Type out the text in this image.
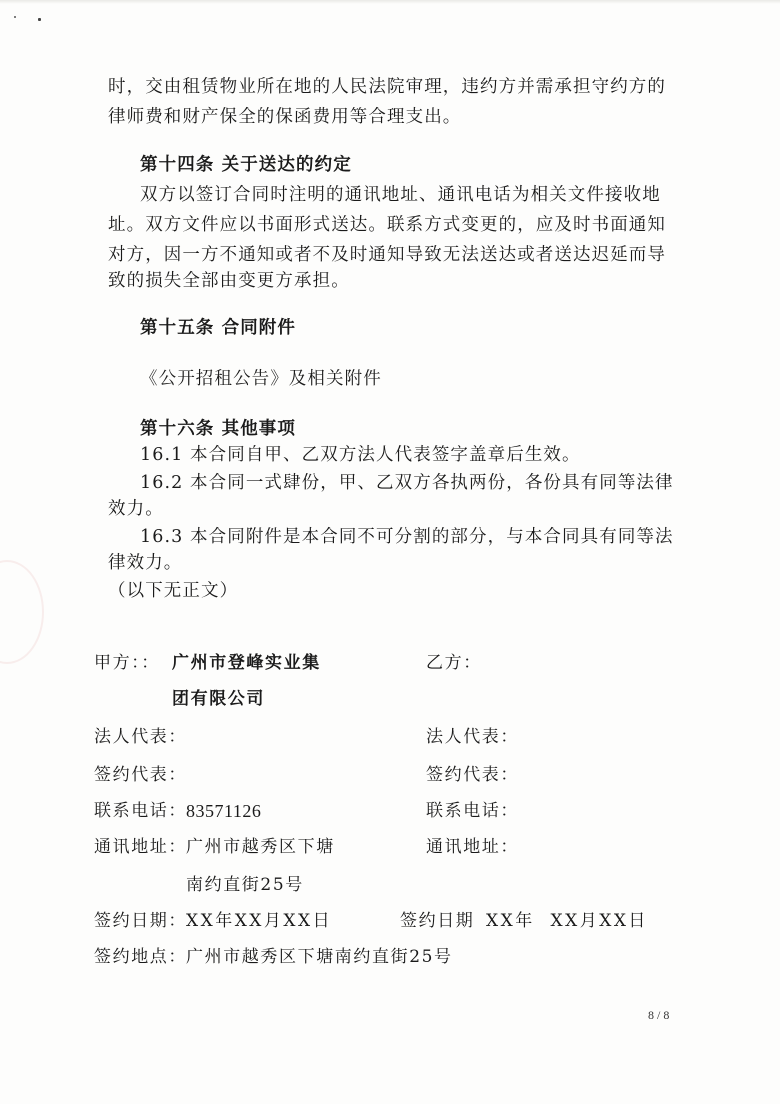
时，交由租赁物业所在地的人民法院审理，违约方并需承担守约方的
律师费和财产保全的保函费用等合理支出。
第十四条 关于送达的约定
双方以签订合同时注明的通讯地址、通讯电话为相关文件接收地
址。双方文件应以书面形式送达。联系方式变更的，应及时书面通知
对方，因一方不通知或者不及时通知导致无法送达或者送达迟延而导
致的损失全部由变更方承担。
第十五条 合同附件
《公开招租公告》及相关附件
第十六条 其他事项
16.1 本合同自甲、乙双方法人代表签字盖章后生效。
16.2 本合同一式肆份，甲、乙双方各执两份，各份具有同等法律
效力。
16.3 本合同附件是本合同不可分割的部分，与本合同具有同等法
律效力。
（以下无正文）
甲方：： 广州市登峰实业集
团有限公司
法人代表：
签约代表：
联系电话： 83571126
通讯地址： 广州市越秀区下塘
南约直街25号
签约日期： XX年XX月XX日
签约地点： 广州市越秀区下塘南约直街25号
乙方：
法人代表：
签约代表：
联系电话：
通讯地址：
签约日期 XX年  XX月XX日
8 / 8
